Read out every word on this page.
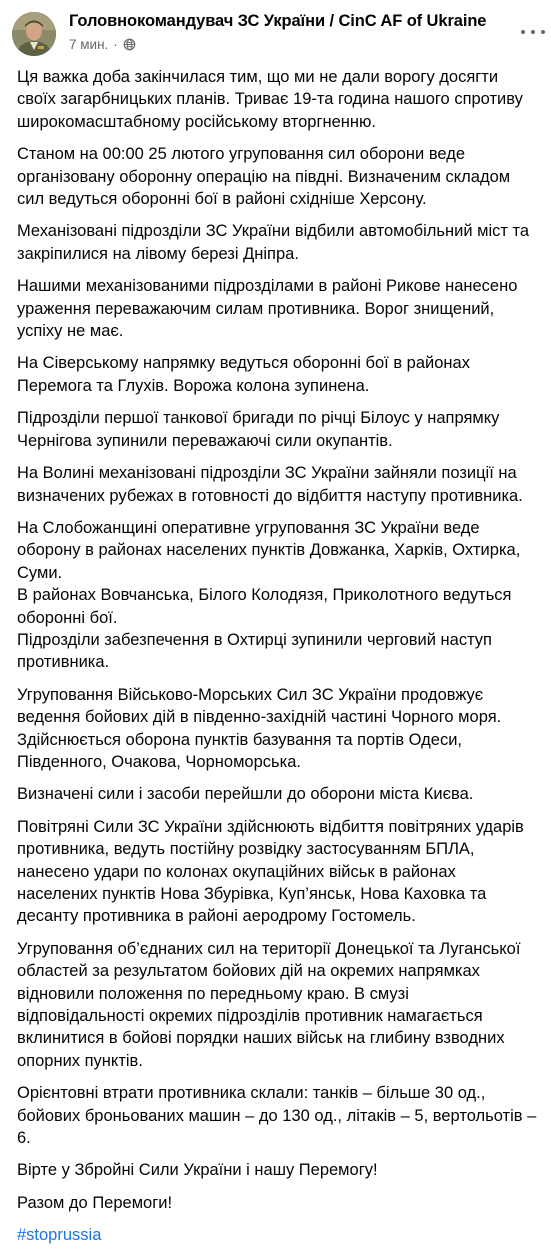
Головнокомандувач ЗС України / CinC AF of Ukraine
7 мин. ·

Ця важка доба закінчилася тим, що ми не дали ворогу досягти своїх загарбницьких планів. Триває 19-та година нашого спротиву широкомасштабному російському вторгненню.

Станом на 00:00 25 лютого угруповання сил оборони веде організовану оборонну операцію на півдні. Визначеним складом сил ведуться оборонні бої в районі східніше Херсону.

Механізовані підрозділи ЗС України відбили автомобільний міст та закріпилися на лівому березі Дніпра.

Нашими механізованими підрозділами в районі Рикове нанесено ураження переважаючим силам противника. Ворог знищений, успіху не має.

На Сіверському напрямку ведуться оборонні бої в районах Перемога та Глухів. Ворожа колона зупинена.

Підрозділи першої танкової бригади по річці Білоус у напрямку Чернігова зупинили переважаючі сили окупантів.

На Волині механізовані підрозділи ЗС України зайняли позиції на визначених рубежах в готовності до відбиття наступу противника.

На Слобожанщині оперативне угруповання ЗС України веде оборону в районах населених пунктів Довжанка, Харків, Охтирка, Суми.
В районах Вовчанська, Білого Колодязя, Приколотного ведуться оборонні бої.
Підрозділи забезпечення в Охтирці зупинили черговий наступ противника.

Угруповання Військово-Морських Сил ЗС України продовжує ведення бойових дій в південно-західній частині Чорного моря. Здійснюється оборона пунктів базування та портів Одеси, Південного, Очакова, Чорноморська.

Визначені сили і засоби перейшли до оборони міста Києва.

Повітряні Сили ЗС України здійснюють відбиття повітряних ударів противника, ведуть постійну розвідку застосуванням БПЛА, нанесено удари по колонах окупаційних військ в районах населених пунктів Нова Збурівка, Куп’янськ, Нова Каховка та десанту противника в районі аеродрому Гостомель.

Угруповання об’єднаних сил на території Донецької та Луганської областей за результатом бойових дій на окремих напрямках відновили положення по передньому краю. В смузі відповідальності окремих підрозділів противник намагається вклинитися в бойові порядки наших військ на глибину взводних опорних пунктів.

Орієнтовні втрати противника склали: танків – більше 30 од., бойових броньованих машин – до 130 од., літаків – 5, вертольотів – 6.

Вірте у Збройні Сили України і нашу Перемогу!

Разом до Перемоги!

#stoprussia
